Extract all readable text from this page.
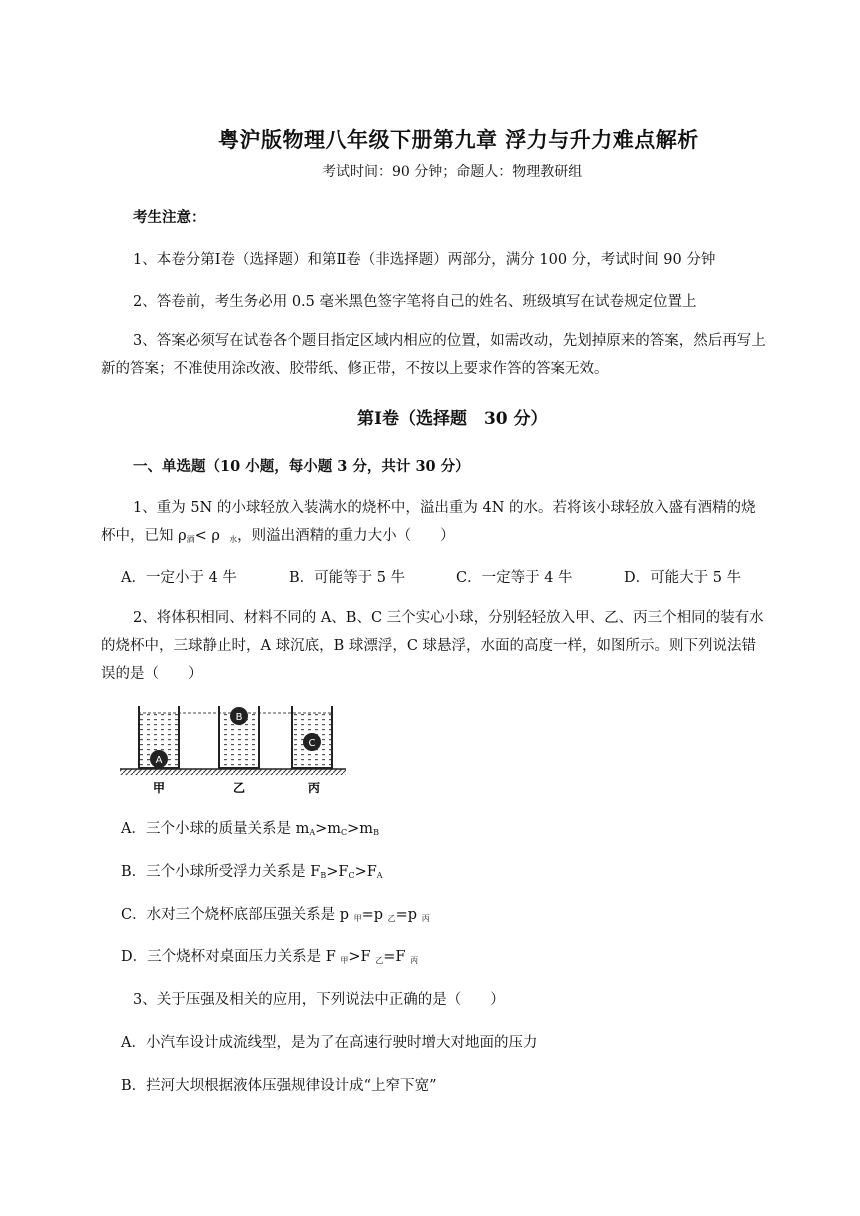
粤沪版物理八年级下册第九章 浮力与升力难点解析
考试时间：90 分钟；命题人：物理教研组
考生注意：
1、本卷分第Ⅰ卷（选择题）和第Ⅱ卷（非选择题）两部分，满分 100 分，考试时间 90 分钟
2、答卷前，考生务必用 0.5 毫米黑色签字笔将自己的姓名、班级填写在试卷规定位置上
3、答案必须写在试卷各个题目指定区域内相应的位置，如需改动，先划掉原来的答案，然后再写上新的答案；不准使用涂改液、胶带纸、修正带，不按以上要求作答的答案无效。
第Ⅰ卷（选择题　30 分）
一、单选题（10 小题，每小题 3 分，共计 30 分）
1、重为 5N 的小球轻放入装满水的烧杯中，溢出重为 4N 的水。若将该小球轻放入盛有酒精的烧
杯中，已知 $\rho_酒< \rho$ $_水$，则溢出酒精的重力大小（　　）
A．一定小于 4 牛	B．可能等于 5 牛	C．一定等于 4 牛	D．可能大于 5 牛
2、将体积相同、材料不同的 A、B、C 三个实心小球，分别轻轻放入甲、乙、丙三个相同的装有水
的烧杯中，三球静止时，A 球沉底，B 球漂浮，C 球悬浮，水面的高度一样，如图所示。则下列说法错
误的是（　　）
A
B
C
甲	乙	丙
A．三个小球的质量关系是 $m_A>m_C>m_B$
B．三个小球所受浮力关系是 $F_B>F_C>F_A$
C．水对三个烧杯底部压强关系是 p $_甲$=p $_乙$=p $_丙$
D．三个烧杯对桌面压力关系是 F $_甲$>F $_乙$=F $_丙$
3、关于压强及相关的应用，下列说法中正确的是（　　）
A．小汽车设计成流线型，是为了在高速行驶时增大对地面的压力
B．拦河大坝根据液体压强规律设计成“上窄下宽”
